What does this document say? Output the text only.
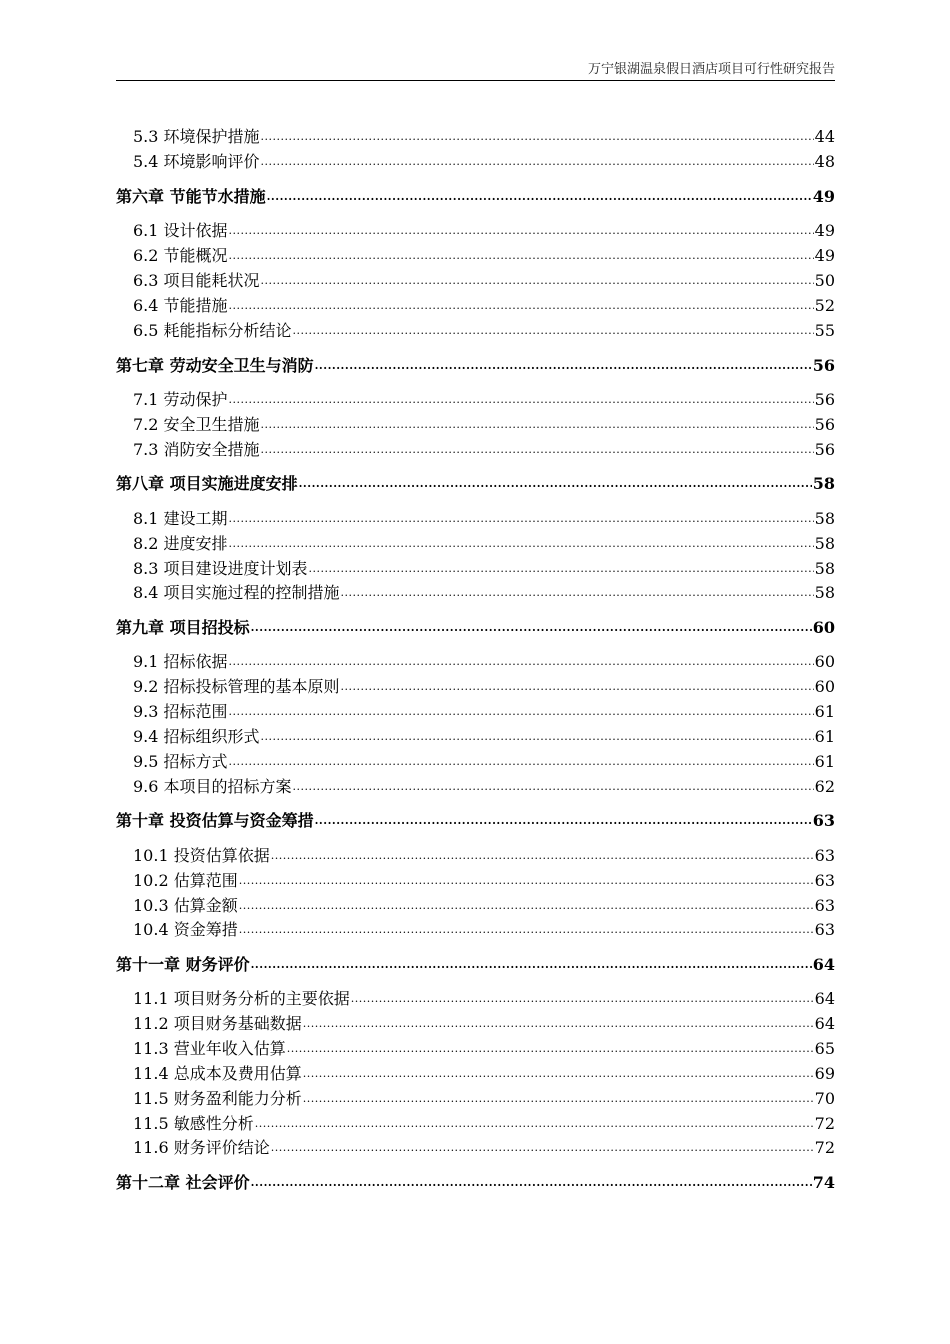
万宁银湖温泉假日酒店项目可行性研究报告
5.3 环境保护措施 .....	44
5.4 环境影响评价 .....	48
第六章 节能节水措施 .....	49
6.1 设计依据 .....	49
6.2 节能概况 .....	49
6.3 项目能耗状况 .....	50
6.4 节能措施 .....	52
6.5 耗能指标分析结论 .....	55
第七章 劳动安全卫生与消防 .....	56
7.1 劳动保护 .....	56
7.2 安全卫生措施 .....	56
7.3 消防安全措施 .....	56
第八章 项目实施进度安排 .....	58
8.1 建设工期 .....	58
8.2 进度安排 .....	58
8.3 项目建设进度计划表 .....	58
8.4 项目实施过程的控制措施 .....	58
第九章 项目招投标 .....	60
9.1 招标依据 .....	60
9.2 招标投标管理的基本原则 .....	60
9.3 招标范围 .....	61
9.4 招标组织形式 .....	61
9.5 招标方式 .....	61
9.6 本项目的招标方案 .....	62
第十章 投资估算与资金筹措 .....	63
10.1 投资估算依据 .....	63
10.2 估算范围 .....	63
10.3 估算金额 .....	63
10.4 资金筹措 .....	63
第十一章 财务评价 .....	64
11.1 项目财务分析的主要依据 .....	64
11.2 项目财务基础数据 .....	64
11.3 营业年收入估算 .....	65
11.4 总成本及费用估算 .....	69
11.5 财务盈利能力分析 .....	70
11.5 敏感性分析 .....	72
11.6 财务评价结论 .....	72
第十二章 社会评价 .....	74
